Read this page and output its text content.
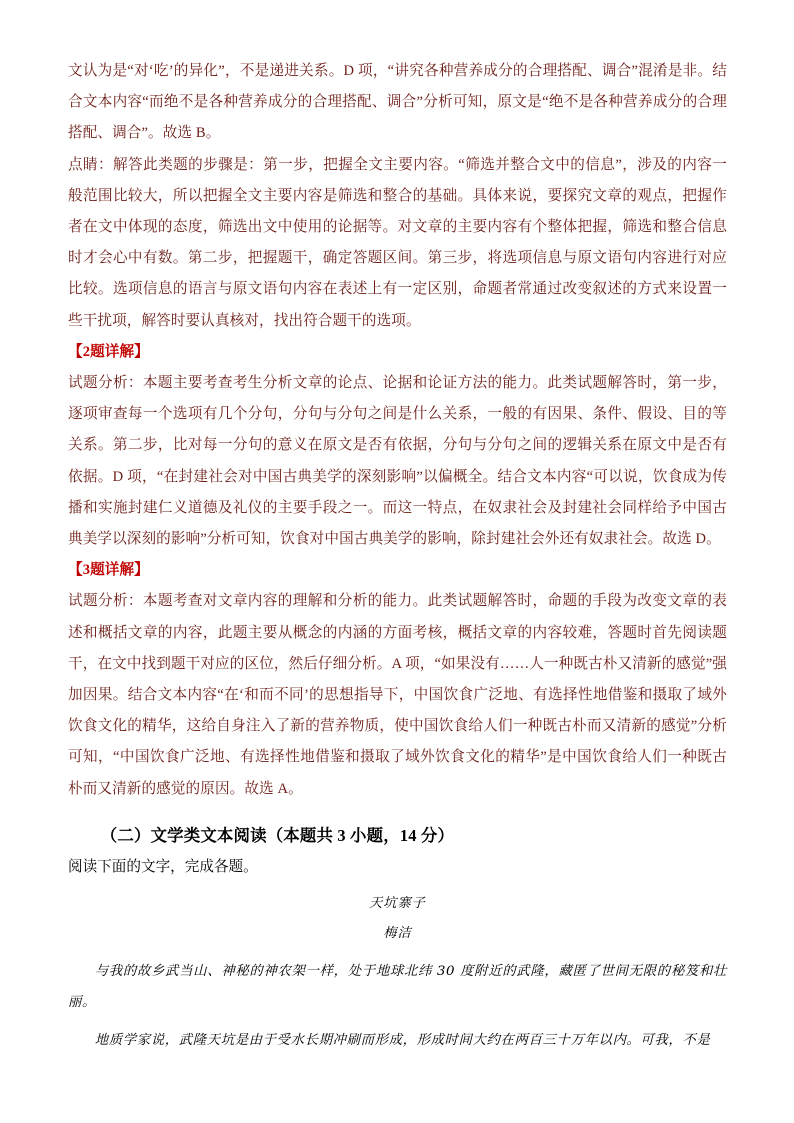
文认为是“对‘吃’的异化”，不是递进关系。D 项，“讲究各种营养成分的合理搭配、调合”混淆是非。结合文本内容“而绝不是各种营养成分的合理搭配、调合”分析可知，原文是“绝不是各种营养成分的合理搭配、调合”。故选 B。

点睛：解答此类题的步骤是：第一步，把握全文主要内容。“筛选并整合文中的信息”，涉及的内容一般范围比较大，所以把握全文主要内容是筛选和整合的基础。具体来说，要探究文章的观点，把握作者在文中体现的态度，筛选出文中使用的论据等。对文章的主要内容有个整体把握，筛选和整合信息时才会心中有数。第二步，把握题干，确定答题区间。第三步，将选项信息与原文语句内容进行对应比较。选项信息的语言与原文语句内容在表述上有一定区别，命题者常通过改变叙述的方式来设置一些干扰项，解答时要认真核对，找出符合题干的选项。

【2题详解】

试题分析：本题主要考查考生分析文章的论点、论据和论证方法的能力。此类试题解答时，第一步，逐项审查每一个选项有几个分句，分句与分句之间是什么关系，一般的有因果、条件、假设、目的等关系。第二步，比对每一分句的意义在原文是否有依据，分句与分句之间的逻辑关系在原文中是否有依据。D 项，“在封建社会对中国古典美学的深刻影响”以偏概全。结合文本内容“可以说，饮食成为传播和实施封建仁义道德及礼仪的主要手段之一。而这一特点，在奴隶社会及封建社会同样给予中国古典美学以深刻的影响”分析可知，饮食对中国古典美学的影响，除封建社会外还有奴隶社会。故选 D。

【3题详解】

试题分析：本题考查对文章内容的理解和分析的能力。此类试题解答时，命题的手段为改变文章的表述和概括文章的内容，此题主要从概念的内涵的方面考核，概括文章的内容较难，答题时首先阅读题干，在文中找到题干对应的区位，然后仔细分析。A 项，“如果没有……人一种既古朴又清新的感觉”强加因果。结合文本内容“在‘和而不同’的思想指导下，中国饮食广泛地、有选择性地借鉴和摄取了域外饮食文化的精华，这给自身注入了新的营养物质，使中国饮食给人们一种既古朴而又清新的感觉”分析可知，“中国饮食广泛地、有选择性地借鉴和摄取了域外饮食文化的精华”是中国饮食给人们一种既古朴而又清新的感觉的原因。故选 A。

（二）文学类文本阅读（本题共 3 小题，14 分）

阅读下面的文字，完成各题。

天坑寨子

梅洁

与我的故乡武当山、神秘的神农架一样，处于地球北纬 30 度附近的武隆，藏匿了世间无限的秘笈和壮丽。

地质学家说，武隆天坑是由于受水长期冲刷而形成，形成时间大约在两百三十万年以内。可我，不是
